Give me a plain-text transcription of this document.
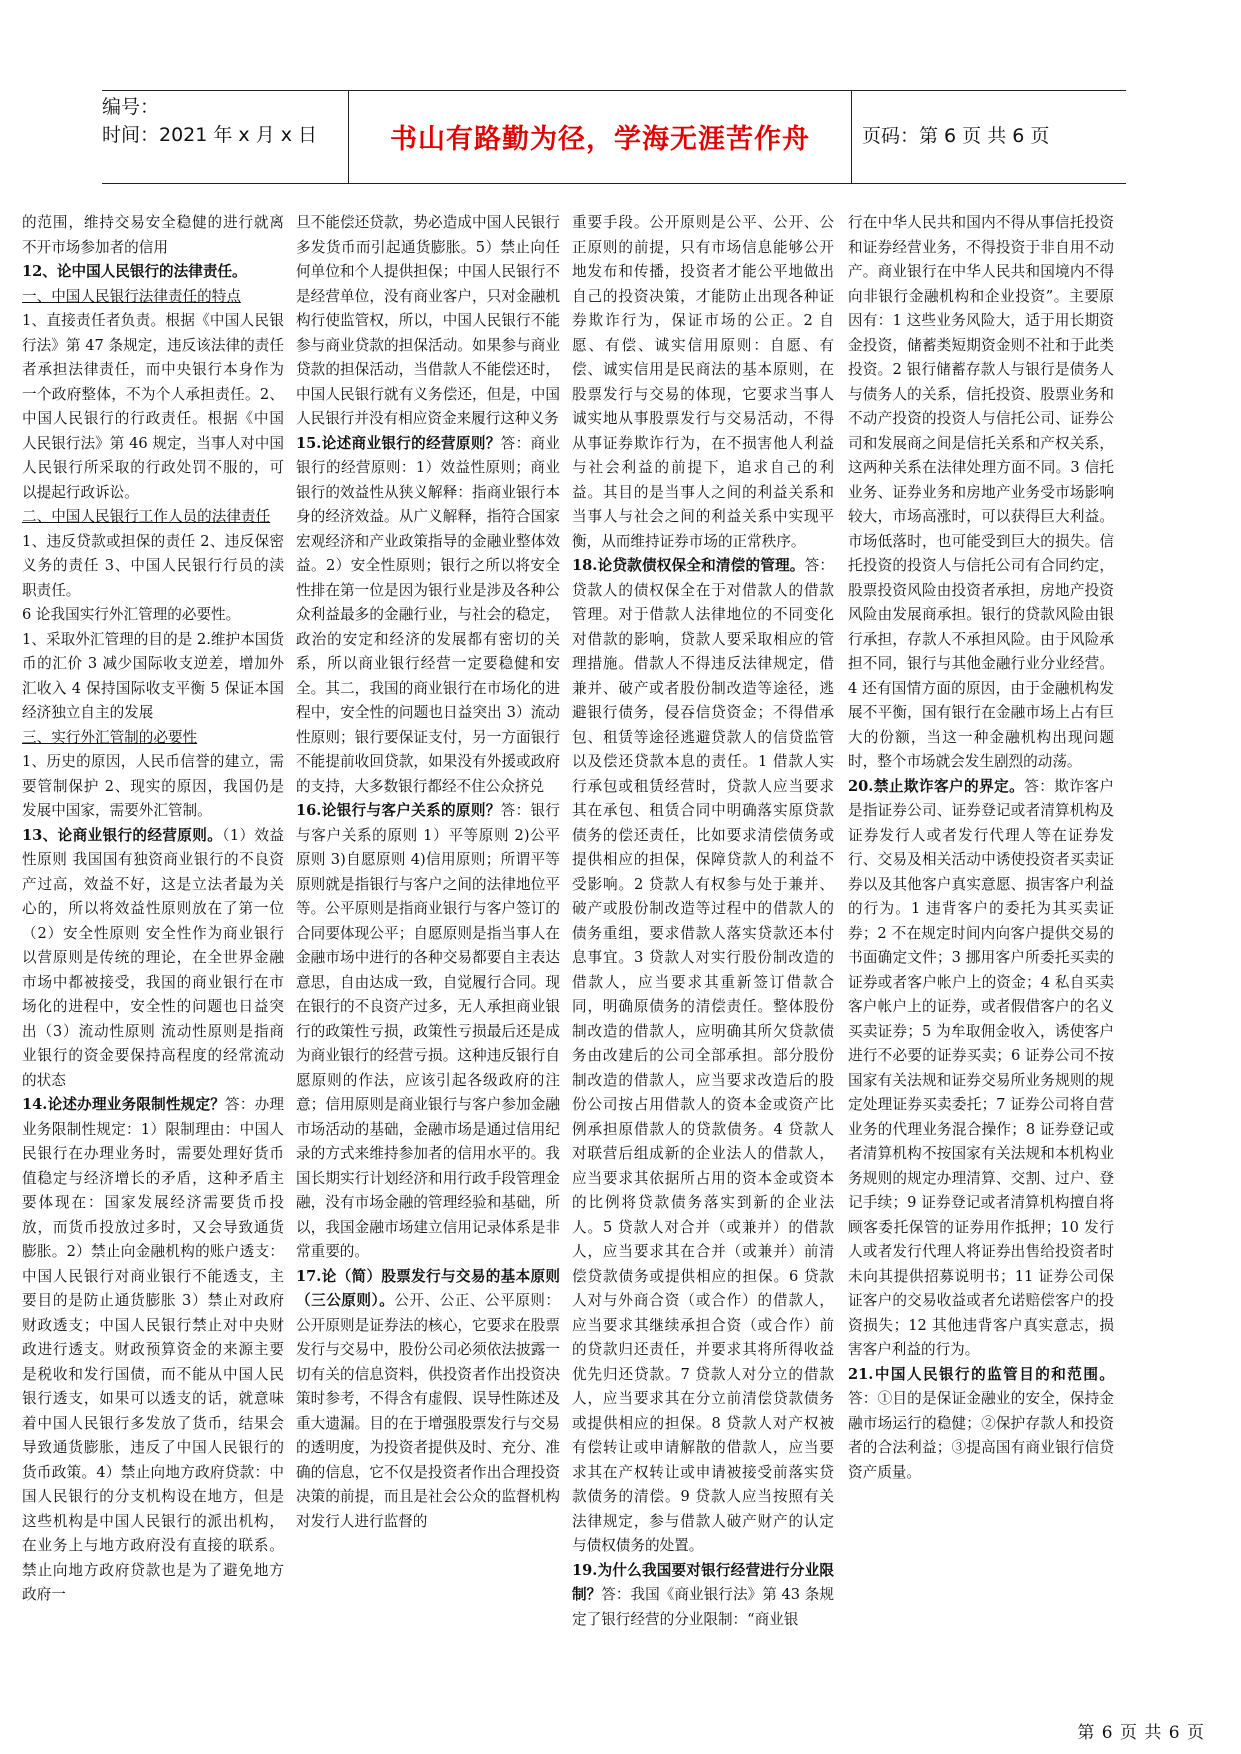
编号：
时间：2021 年 x 月 x 日	书山有路勤为径，学海无涯苦作舟	页码：第 6 页 共 6 页

的范围，维持交易安全稳健的进行就离不开市场参加者的信用

12、论中国人民银行的法律责任。

一、中国人民银行法律责任的特点

1、直接责任者负责。根据《中国人民银行法》第 47 条规定，违反该法律的责任者承担法律责任，而中央银行本身作为一个政府整体，不为个人承担责任。2、中国人民银行的行政责任。根据《中国人民银行法》第 46 规定，当事人对中国人民银行所采取的行政处罚不服的，可以提起行政诉讼。

二、中国人民银行工作人员的法律责任

1、违反贷款或担保的责任 2、违反保密义务的责任 3、中国人民银行行员的渎职责任。

6 论我国实行外汇管理的必要性。

1、采取外汇管理的目的是 2.维护本国货币的汇价 3 减少国际收支逆差，增加外汇收入 4 保持国际收支平衡 5 保证本国经济独立自主的发展

三、实行外汇管制的必要性

1、历史的原因，人民币信誉的建立，需要管制保护 2、现实的原因，我国仍是发展中国家，需要外汇管制。

13、论商业银行的经营原则。（1）效益性原则 我国国有独资商业银行的不良资产过高，效益不好，这是立法者最为关心的，所以将效益性原则放在了第一位（2）安全性原则 安全性作为商业银行以营原则是传统的理论，在全世界金融市场中都被接受，我国的商业银行在市场化的进程中，安全性的问题也日益突出（3）流动性原则 流动性原则是指商业银行的资金要保持高程度的经常流动的状态

14.论述办理业务限制性规定？答：办理业务限制性规定：1）限制理由：中国人民银行在办理业务时，需要处理好货币值稳定与经济增长的矛盾，这种矛盾主要体现在：国家发展经济需要货币投放，而货币投放过多时，又会导致通货膨胀。2）禁止向金融机构的账户透支：中国人民银行对商业银行不能透支，主要目的是防止通货膨胀 3）禁止对政府财政透支；中国人民银行禁止对中央财政进行透支。财政预算资金的来源主要是税收和发行国债，而不能从中国人民银行透支，如果可以透支的话，就意味着中国人民银行多发放了货币，结果会导致通货膨胀，违反了中国人民银行的货币政策。4）禁止向地方政府贷款：中国人民银行的分支机构设在地方，但是这些机构是中国人民银行的派出机构，在业务上与地方政府没有直接的联系。禁止向地方政府贷款也是为了避免地方政府一

旦不能偿还贷款，势必造成中国人民银行多发货币而引起通货膨胀。5）禁止向任何单位和个人提供担保；中国人民银行不是经营单位，没有商业客户，只对金融机构行使监管权，所以，中国人民银行不能参与商业贷款的担保活动。如果参与商业贷款的担保活动，当借款人不能偿还时，中国人民银行就有义务偿还，但是，中国人民银行并没有相应资金来履行这种义务

15.论述商业银行的经营原则？答：商业银行的经营原则：1）效益性原则；商业银行的效益性从狭义解释：指商业银行本身的经济效益。从广义解释，指符合国家宏观经济和产业政策指导的金融业整体效益。2）安全性原则；银行之所以将安全性排在第一位是因为银行业是涉及各种公众利益最多的金融行业，与社会的稳定，政治的安定和经济的发展都有密切的关系，所以商业银行经营一定要稳健和安全。其二，我国的商业银行在市场化的进程中，安全性的问题也日益突出 3）流动性原则；银行要保证支付，另一方面银行不能提前收回贷款，如果没有外援或政府的支持，大多数银行都经不住公众挤兑

16.论银行与客户关系的原则？答：银行与客户关系的原则 1）平等原则 2)公平原则 3)自愿原则 4)信用原则；所谓平等原则就是指银行与客户之间的法律地位平等。公平原则是指商业银行与客户签订的合同要体现公平；自愿原则是指当事人在金融市场中进行的各种交易都要自主表达意思，自由达成一致，自觉履行合同。现在银行的不良资产过多，无人承担商业银行的政策性亏损，政策性亏损最后还是成为商业银行的经营亏损。这种违反银行自愿原则的作法，应该引起各级政府的注意；信用原则是商业银行与客户参加金融市场活动的基础，金融市场是通过信用纪录的方式来维持参加者的信用水平的。我国长期实行计划经济和用行政手段管理金融，没有市场金融的管理经验和基础，所以，我国金融市场建立信用记录体系是非常重要的。

17.论（简）股票发行与交易的基本原则（三公原则）。公开、公正、公平原则：公开原则是证券法的核心，它要求在股票发行与交易中，股份公司必须依法披露一切有关的信息资料，供投资者作出投资决策时参考，不得含有虚假、误导性陈述及重大遗漏。目的在于增强股票发行与交易的透明度，为投资者提供及时、充分、准确的信息，它不仅是投资者作出合理投资决策的前提，而且是社会公众的监督机构对发行人进行监督的

重要手段。公开原则是公平、公开、公正原则的前提，只有市场信息能够公开地发布和传播，投资者才能公平地做出自己的投资决策，才能防止出现各种证券欺诈行为，保证市场的公正。2 自愿、有偿、诚实信用原则：自愿、有偿、诚实信用是民商法的基本原则，在股票发行与交易的体现，它要求当事人诚实地从事股票发行与交易活动，不得从事证券欺诈行为，在不损害他人利益与社会利益的前提下，追求自己的利益。其目的是当事人之间的利益关系和当事人与社会之间的利益关系中实现平衡，从而维持证券市场的正常秩序。

18.论贷款债权保全和清偿的管理。答：贷款人的债权保全在于对借款人的借款管理。对于借款人法律地位的不同变化对借款的影响，贷款人要采取相应的管理措施。借款人不得违反法律规定，借兼并、破产或者股份制改造等途径，逃避银行债务，侵吞信贷资金；不得借承包、租赁等途径逃避贷款人的信贷监管以及偿还贷款本息的责任。1 借款人实行承包或租赁经营时，贷款人应当要求其在承包、租赁合同中明确落实原贷款债务的偿还责任，比如要求清偿债务或提供相应的担保，保障贷款人的利益不受影响。2 贷款人有权参与处于兼并、破产或股份制改造等过程中的借款人的债务重组，要求借款人落实贷款还本付息事宜。3 贷款人对实行股份制改造的借款人，应当要求其重新签订借款合同，明确原债务的清偿责任。整体股份制改造的借款人，应明确其所欠贷款债务由改建后的公司全部承担。部分股份制改造的借款人，应当要求改造后的股份公司按占用借款人的资本金或资产比例承担原借款人的贷款债务。4 贷款人对联营后组成新的企业法人的借款人，应当要求其依据所占用的资本金或资本的比例将贷款债务落实到新的企业法人。5 贷款人对合并（或兼并）的借款人，应当要求其在合并（或兼并）前清偿贷款债务或提供相应的担保。6 贷款人对与外商合资（或合作）的借款人，应当要求其继续承担合资（或合作）前的贷款归还责任，并要求其将所得收益优先归还贷款。7 贷款人对分立的借款人，应当要求其在分立前清偿贷款债务或提供相应的担保。8 贷款人对产权被有偿转让或申请解散的借款人，应当要求其在产权转让或申请被接受前落实贷款债务的清偿。9 贷款人应当按照有关法律规定，参与借款人破产财产的认定与债权债务的处置。

19.为什么我国要对银行经营进行分业限制？答：我国《商业银行法》第 43 条规定了银行经营的分业限制：“商业银

行在中华人民共和国内不得从事信托投资和证券经营业务，不得投资于非自用不动产。商业银行在中华人民共和国境内不得向非银行金融机构和企业投资”。主要原因有：1 这些业务风险大，适于用长期资金投资，储蓄类短期资金则不社和于此类投资。2 银行储蓄存款人与银行是债务人与债务人的关系，信托投资、股票业务和不动产投资的投资人与信托公司、证券公司和发展商之间是信托关系和产权关系，这两种关系在法律处理方面不同。3 信托业务、证券业务和房地产业务受市场影响较大，市场高涨时，可以获得巨大利益。市场低落时，也可能受到巨大的损失。信托投资的投资人与信托公司有合同约定，股票投资风险由投资者承担，房地产投资风险由发展商承担。银行的贷款风险由银行承担，存款人不承担风险。由于风险承担不同，银行与其他金融行业分业经营。4 还有国情方面的原因，由于金融机构发展不平衡，国有银行在金融市场上占有巨大的份额，当这一种金融机构出现问题时，整个市场就会发生剧烈的动荡。

20.禁止欺诈客户的界定。答：欺诈客户是指证券公司、证券登记或者清算机构及证券发行人或者发行代理人等在证券发行、交易及相关活动中诱使投资者买卖证券以及其他客户真实意愿、损害客户利益的行为。1 违背客户的委托为其买卖证券；2 不在规定时间内向客户提供交易的书面确定文件；3 挪用客户所委托买卖的证券或者客户帐户上的资金；4 私自买卖客户帐户上的证券，或者假借客户的名义买卖证券；5 为牟取佣金收入，诱使客户进行不必要的证券买卖；6 证券公司不按国家有关法规和证券交易所业务规则的规定处理证券买卖委托；7 证券公司将自营业务的代理业务混合操作；8 证券登记或者清算机构不按国家有关法规和本机构业务规则的规定办理清算、交割、过户、登记手续；9 证券登记或者清算机构擅自将顾客委托保管的证券用作抵押；10 发行人或者发行代理人将证券出售给投资者时未向其提供招募说明书；11 证券公司保证客户的交易收益或者允诺赔偿客户的投资损失；12 其他违背客户真实意志，损害客户利益的行为。

21.中国人民银行的监管目的和范围。答：①目的是保证金融业的安全，保持金融市场运行的稳健；②保护存款人和投资者的合法利益；③提高国有商业银行信贷资产质量。

第 6 页 共 6 页
